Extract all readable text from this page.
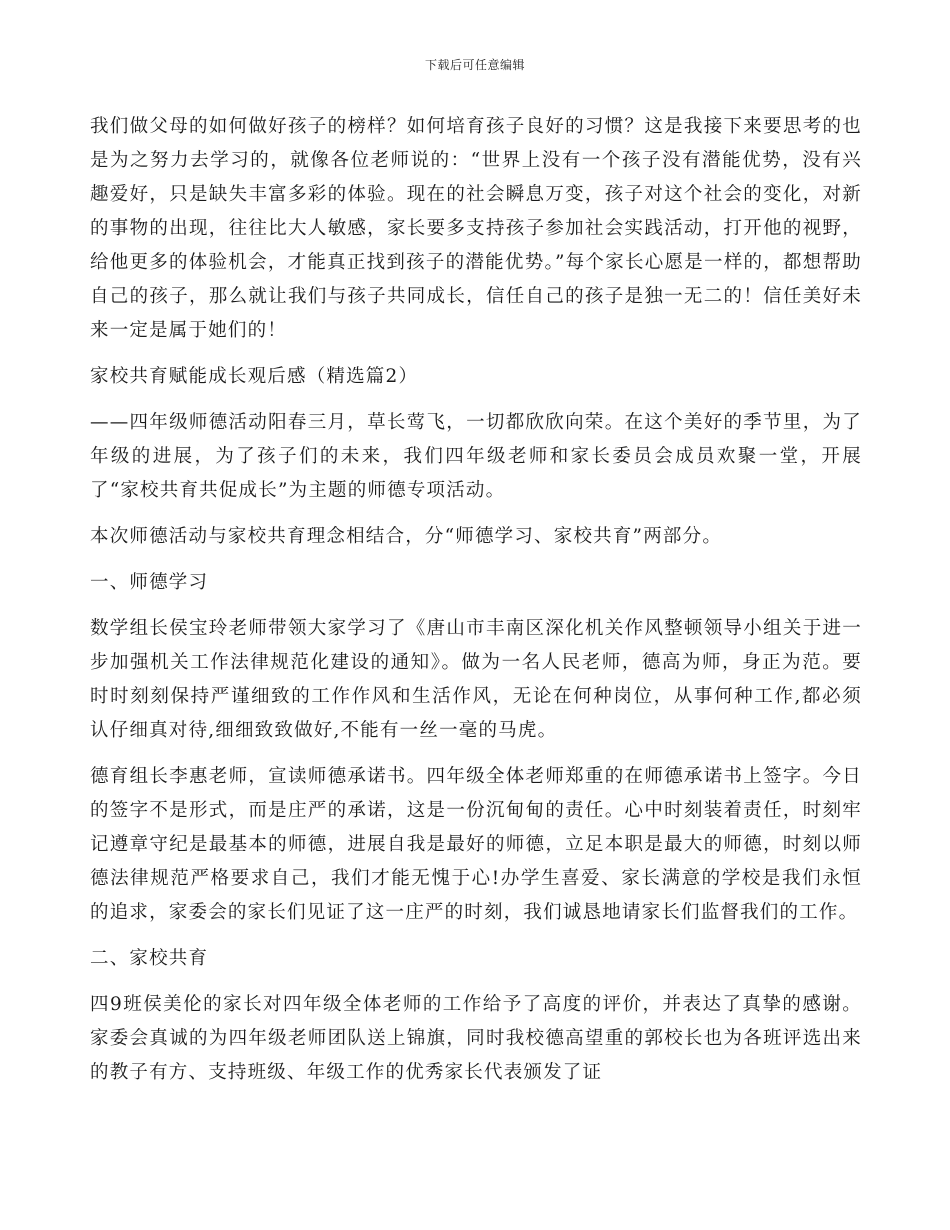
下载后可任意编辑

我们做父母的如何做好孩子的榜样？如何培育孩子良好的习惯？这是我接下来要思考的也是为之努力去学习的，就像各位老师说的：“世界上没有一个孩子没有潜能优势，没有兴趣爱好，只是缺失丰富多彩的体验。现在的社会瞬息万变，孩子对这个社会的变化，对新的事物的出现，往往比大人敏感，家长要多支持孩子参加社会实践活动，打开他的视野，给他更多的体验机会，才能真正找到孩子的潜能优势。”每个家长心愿是一样的，都想帮助自己的孩子，那么就让我们与孩子共同成长，信任自己的孩子是独一无二的！信任美好未来一定是属于她们的！

家校共育赋能成长观后感（精选篇2）

——四年级师德活动阳春三月，草长莺飞，一切都欣欣向荣。在这个美好的季节里，为了年级的进展，为了孩子们的未来，我们四年级老师和家长委员会成员欢聚一堂，开展了“家校共育共促成长”为主题的师德专项活动。

本次师德活动与家校共育理念相结合，分“师德学习、家校共育”两部分。

一、师德学习

数学组长侯宝玲老师带领大家学习了《唐山市丰南区深化机关作风整顿领导小组关于进一步加强机关工作法律规范化建设的通知》。做为一名人民老师，德高为师，身正为范。要时时刻刻保持严谨细致的工作作风和生活作风，无论在何种岗位，从事何种工作,都必须认仔细真对待,细细致致做好,不能有一丝一毫的马虎。

德育组长李惠老师，宣读师德承诺书。四年级全体老师郑重的在师德承诺书上签字。今日的签字不是形式，而是庄严的承诺，这是一份沉甸甸的责任。心中时刻装着责任，时刻牢记遵章守纪是最基本的师德，进展自我是最好的师德，立足本职是最大的师德，时刻以师德法律规范严格要求自己，我们才能无愧于心!办学生喜爱、家长满意的学校是我们永恒的追求，家委会的家长们见证了这一庄严的时刻，我们诚恳地请家长们监督我们的工作。

二、家校共育

四9班侯美伦的家长对四年级全体老师的工作给予了高度的评价，并表达了真挚的感谢。家委会真诚的为四年级老师团队送上锦旗，同时我校德高望重的郭校长也为各班评选出来的教子有方、支持班级、年级工作的优秀家长代表颁发了证
